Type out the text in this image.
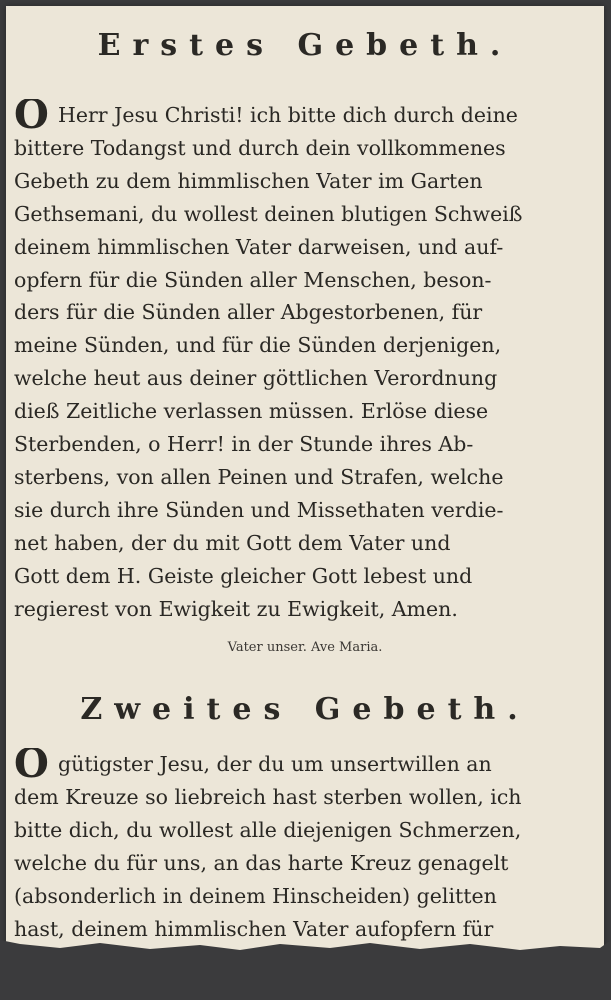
Erstes Gebeth.
O Herr Jesu Christi! ich bitte dich durch deine
bittere Todangst und durch dein vollkommenes
Gebeth zu dem himmlischen Vater im Garten
Gethsemani, du wollest deinen blutigen Schweiß
deinem himmlischen Vater darweisen, und auf-
opfern für die Sünden aller Menschen, beson-
ders für die Sünden aller Abgestorbenen, für
meine Sünden, und für die Sünden derjenigen,
welche heut aus deiner göttlichen Verordnung
dieß Zeitliche verlassen müssen. Erlöse diese
Sterbenden, o Herr! in der Stunde ihres Ab-
sterbens, von allen Peinen und Strafen, welche
sie durch ihre Sünden und Missethaten verdie-
net haben, der du mit Gott dem Vater und
Gott dem H. Geiste gleicher Gott lebest und
regierest von Ewigkeit zu Ewigkeit, Amen.
Vater unser. Ave Maria.
Zweites Gebeth.
Ogütigster Jesu, der du um unsertwillen an
dem Kreuze so liebreich hast sterben wollen, ich
bitte dich, du wollest alle diejenigen Schmerzen,
welche du für uns, an das harte Kreuz genagelt
(absonderlich in deinem Hinscheiden) gelitten
hast, deinem himmlischen Vater aufopfern für
